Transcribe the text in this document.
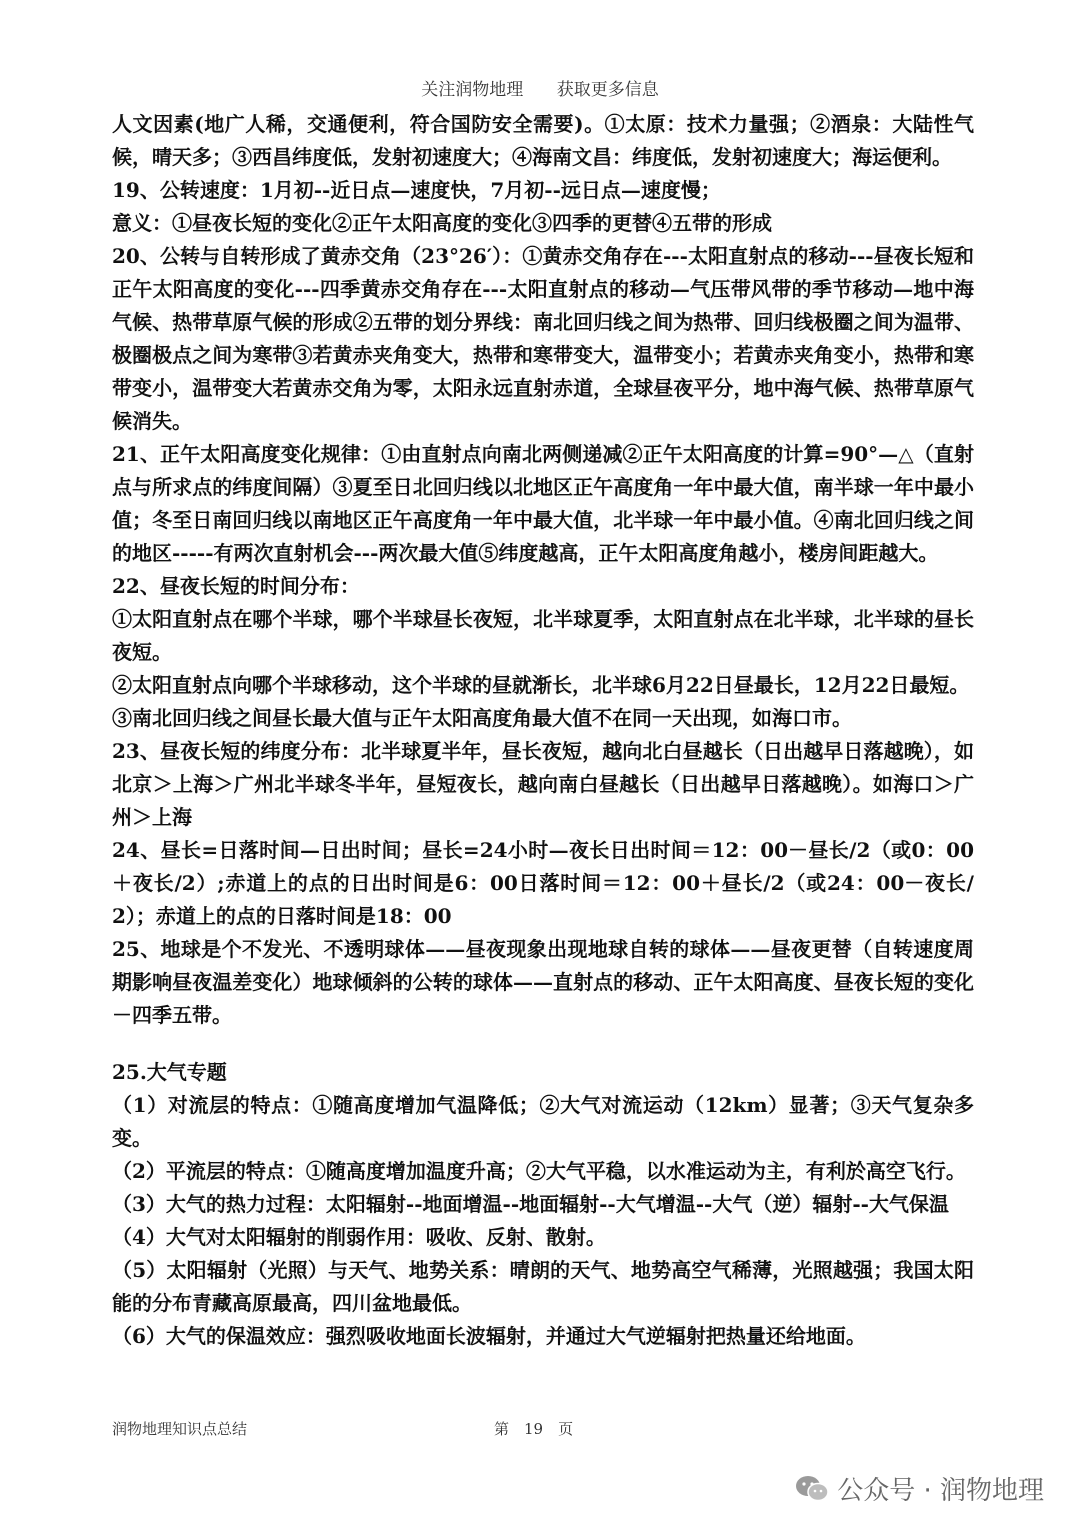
关注润物地理 获取更多信息

人文因素(地广人稀，交通便利，符合国防安全需要)。①太原：技术力量强；②酒泉：大陆性气候，晴天多；③西昌纬度低，发射初速度大；④海南文昌：纬度低，发射初速度大；海运便利。

19、公转速度：1月初--近日点—速度快，7月初--远日点—速度慢；

意义：①昼夜长短的变化②正午太阳高度的变化③四季的更替④五带的形成

20、公转与自转形成了黄赤交角（23°26′）：①黄赤交角存在---太阳直射点的移动---昼夜长短和正午太阳高度的变化---四季黄赤交角存在---太阳直射点的移动—气压带风带的季节移动—地中海气候、热带草原气候的形成②五带的划分界线：南北回归线之间为热带、回归线极圈之间为温带、极圈极点之间为寒带③若黄赤夹角变大，热带和寒带变大，温带变小；若黄赤夹角变小，热带和寒带变小，温带变大若黄赤交角为零，太阳永远直射赤道，全球昼夜平分，地中海气候、热带草原气候消失。

21、正午太阳高度变化规律：①由直射点向南北两侧递减②正午太阳高度的计算=90°—△（直射点与所求点的纬度间隔）③夏至日北回归线以北地区正午高度角一年中最大值，南半球一年中最小值；冬至日南回归线以南地区正午高度角一年中最大值，北半球一年中最小值。④南北回归线之间的地区-----有两次直射机会---两次最大值⑤纬度越高，正午太阳高度角越小，楼房间距越大。

22、昼夜长短的时间分布：

①太阳直射点在哪个半球，哪个半球昼长夜短，北半球夏季，太阳直射点在北半球，北半球的昼长夜短。

②太阳直射点向哪个半球移动，这个半球的昼就渐长，北半球6月22日昼最长，12月22日最短。

③南北回归线之间昼长最大值与正午太阳高度角最大值不在同一天出现，如海口市。

23、昼夜长短的纬度分布：北半球夏半年，昼长夜短，越向北白昼越长（日出越早日落越晚），如北京＞上海＞广州北半球冬半年，昼短夜长，越向南白昼越长（日出越早日落越晚）。如海口＞广州＞上海

24、昼长=日落时间—日出时间；昼长=24小时—夜长日出时间＝12：00－昼长/2（或0：00＋夜长/2）;赤道上的点的日出时间是6：00日落时间＝12：00＋昼长/2（或24：00－夜长/2）；赤道上的点的日落时间是18：00

25、地球是个不发光、不透明球体——昼夜现象出现地球自转的球体——昼夜更替（自转速度周期影响昼夜温差变化）地球倾斜的公转的球体——直射点的移动、正午太阳高度、昼夜长短的变化－四季五带。

25.大气专题

（1）对流层的特点：①随高度增加气温降低；②大气对流运动（12km）显著；③天气复杂多变。

（2）平流层的特点：①随高度增加温度升高；②大气平稳，以水准运动为主，有利於高空飞行。

（3）大气的热力过程：太阳辐射--地面增温--地面辐射--大气增温--大气（逆）辐射--大气保温

（4）大气对太阳辐射的削弱作用：吸收、反射、散射。

（5）太阳辐射（光照）与天气、地势关系：晴朗的天气、地势高空气稀薄，光照越强；我国太阳能的分布青藏高原最高，四川盆地最低。

（6）大气的保温效应：强烈吸收地面长波辐射，并通过大气逆辐射把热量还给地面。

润物地理知识点总结	第　19　页
公众号 · 润物地理
